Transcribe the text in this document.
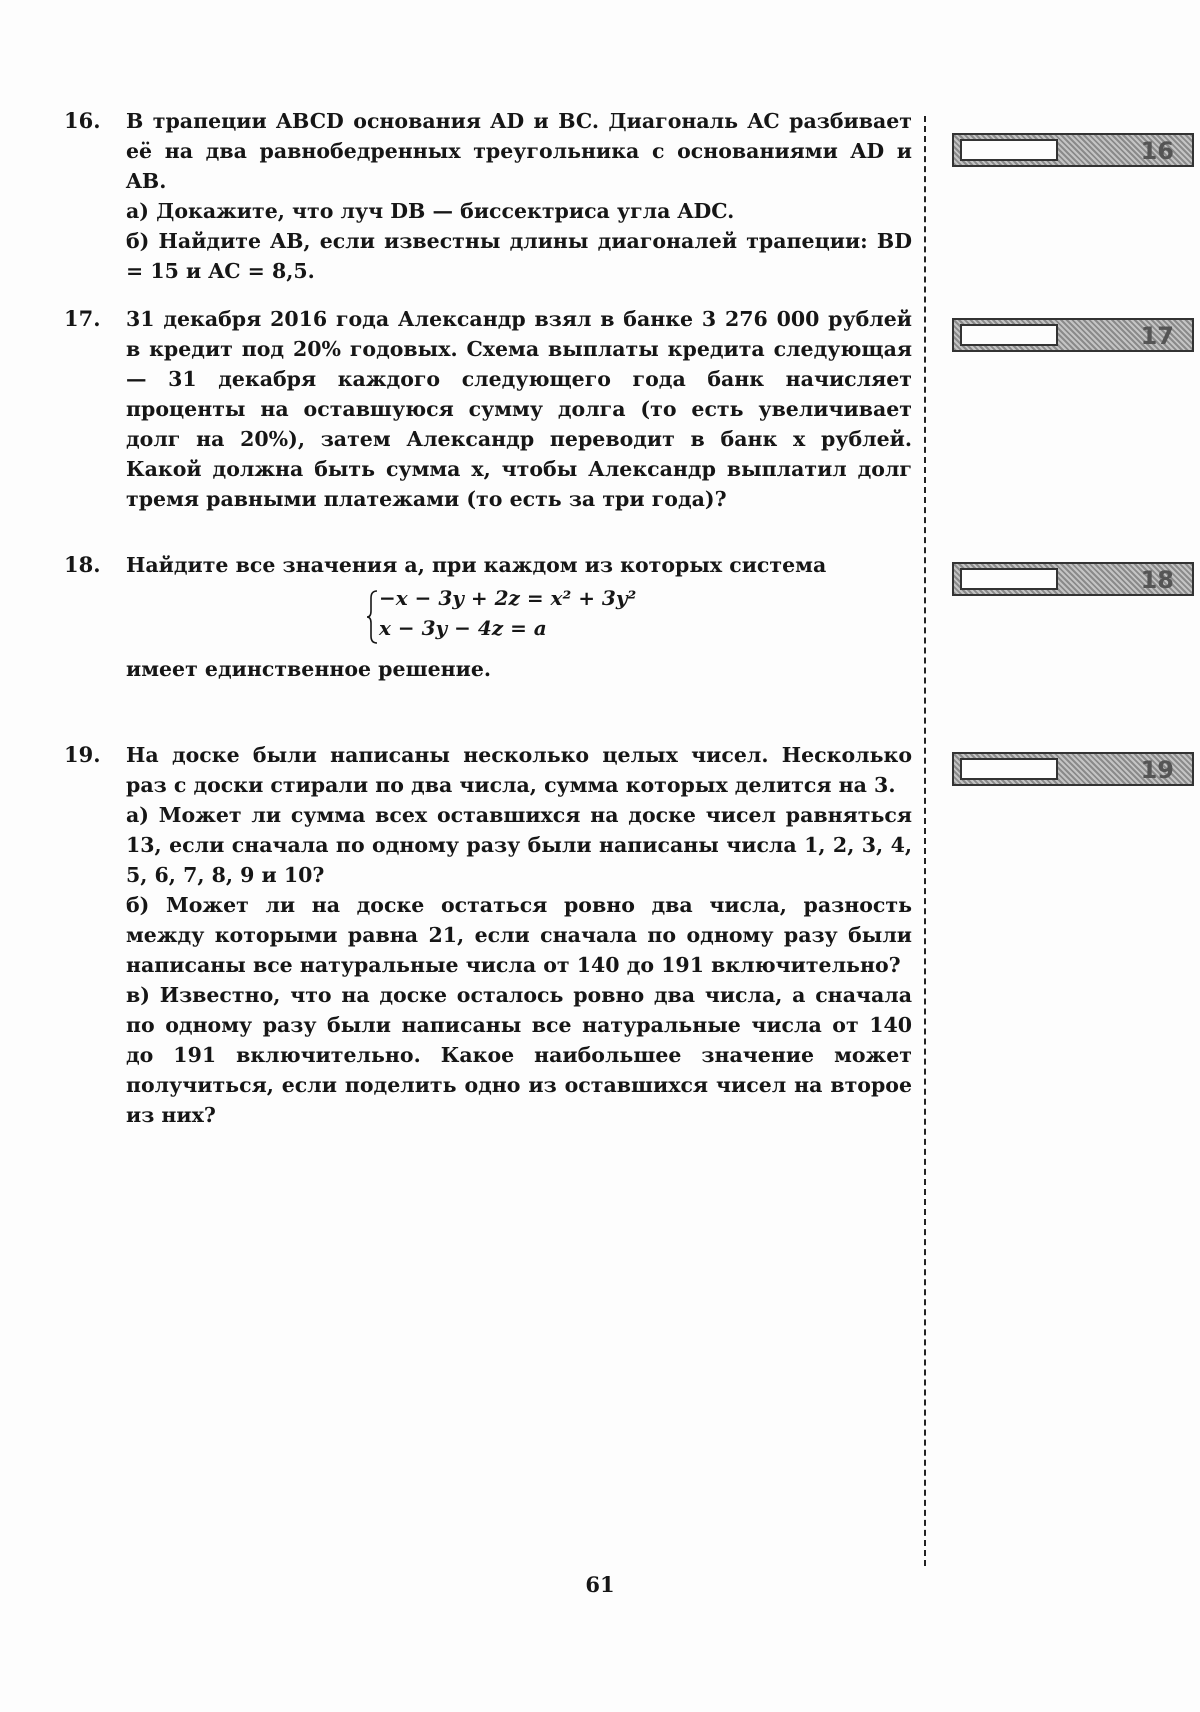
16. В трапеции ABCD основания AD и BC. Диагональ AC разбивает её на два равнобедренных треугольника с основаниями AD и AB.

а) Докажите, что луч DB — биссектриса угла ADC.

б) Найдите AB, если известны длины диагоналей трапеции: BD = 15 и AC = 8,5.

17. 31 декабря 2016 года Александр взял в банке 3 276 000 рублей в кредит под 20% годовых. Схема выплаты кредита следующая — 31 декабря каждого следующего года банк начисляет проценты на оставшуюся сумму долга (то есть увеличивает долг на 20%), затем Александр переводит в банк x рублей. Какой должна быть сумма x, чтобы Александр выплатил долг тремя равными платежами (то есть за три года)?

18. Найдите все значения a, при каждом из которых система

−x − 3y + 2z = x² + 3y²
x − 3y − 4z = a

имеет единственное решение.

19. На доске были написаны несколько целых чисел. Несколько раз с доски стирали по два числа, сумма которых делится на 3.

а) Может ли сумма всех оставшихся на доске чисел равняться 13, если сначала по одному разу были написаны числа 1, 2, 3, 4, 5, 6, 7, 8, 9 и 10?

б) Может ли на доске остаться ровно два числа, разность между которыми равна 21, если сначала по одному разу были написаны все натуральные числа от 140 до 191 включительно?

в) Известно, что на доске осталось ровно два числа, а сначала по одному разу были написаны все натуральные числа от 140 до 191 включительно. Какое наибольшее значение может получиться, если поделить одно из оставшихся чисел на второе из них?

16
17
18
19
61
